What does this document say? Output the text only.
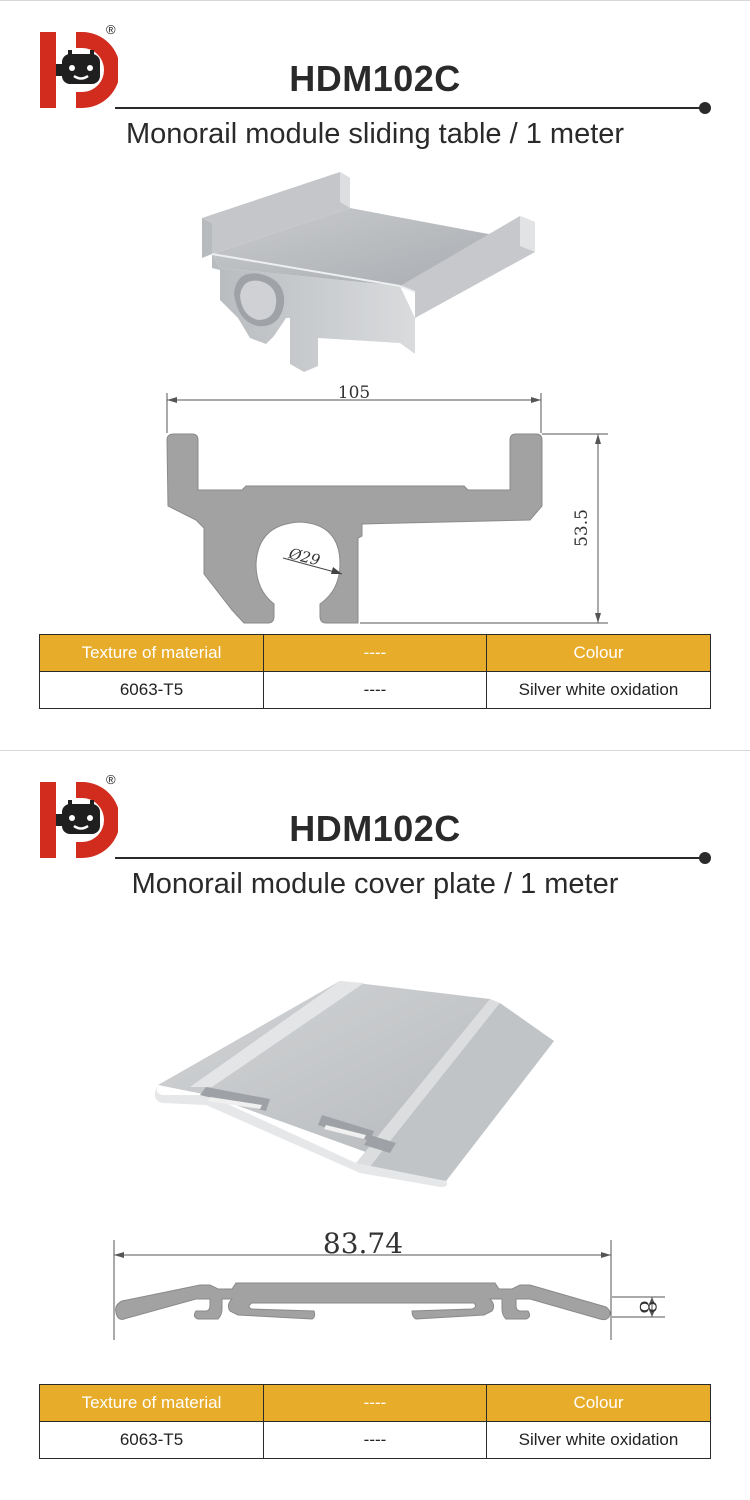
®
HDM102C
Monorail module sliding table / 1 meter
105
53.5
Ø29
Texture of material	----	Colour
6063-T5	----	Silver white oxidation
®
HDM102C
Monorail module cover plate / 1 meter
83.74
8
Texture of material	----	Colour
6063-T5	----	Silver white oxidation
